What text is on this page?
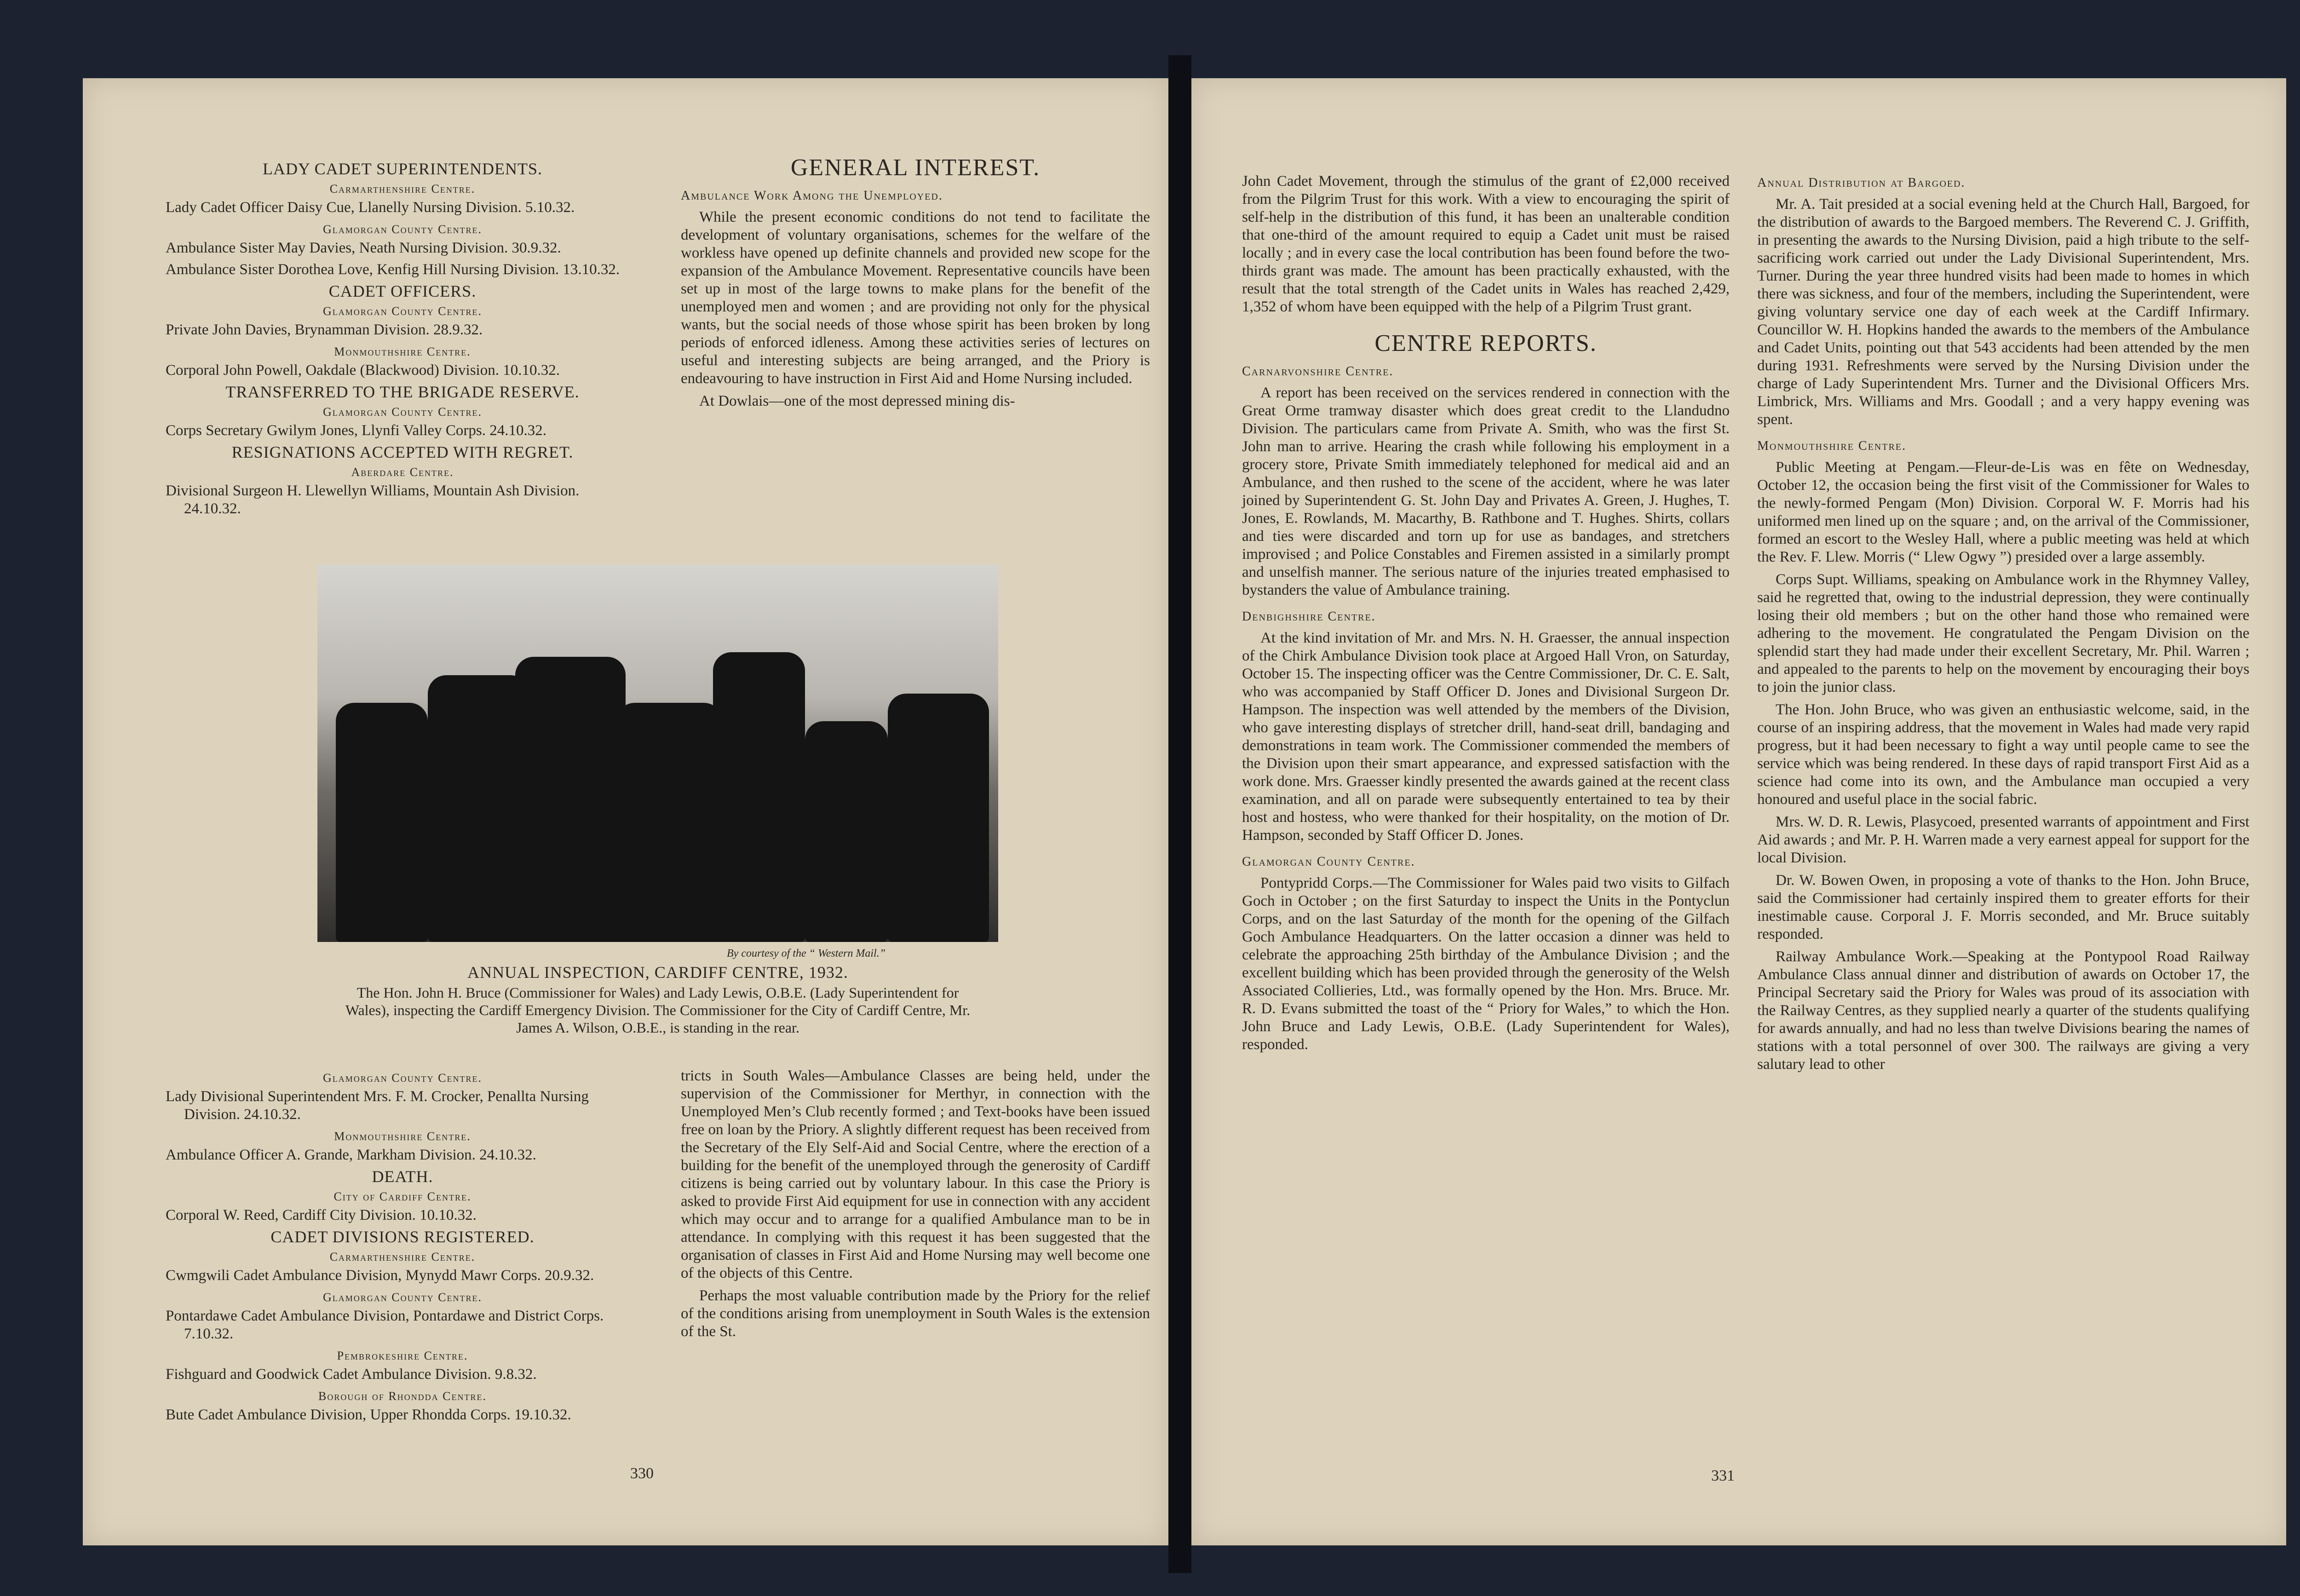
LADY CADET SUPERINTENDENTS.
Carmarthenshire Centre.
Lady Cadet Officer Daisy Cue, Llanelly Nursing Division. 5.10.32.
Glamorgan County Centre.
Ambulance Sister May Davies, Neath Nursing Division. 30.9.32.
Ambulance Sister Dorothea Love, Kenfig Hill Nursing Division. 13.10.32.
CADET OFFICERS.
Glamorgan County Centre.
Private John Davies, Brynamman Division. 28.9.32.
Monmouthshire Centre.
Corporal John Powell, Oakdale (Blackwood) Division. 10.10.32.
TRANSFERRED TO THE BRIGADE RESERVE.
Glamorgan County Centre.
Corps Secretary Gwilym Jones, Llynfi Valley Corps. 24.10.32.
RESIGNATIONS ACCEPTED WITH REGRET.
Aberdare Centre.
Divisional Surgeon H. Llewellyn Williams, Mountain Ash Division. 24.10.32.
GENERAL INTEREST.
Ambulance Work Among the Unemployed.

While the present economic conditions do not tend to facilitate the development of voluntary organisations, schemes for the welfare of the workless have opened up definite channels and provided new scope for the expansion of the Ambulance Movement. Representative councils have been set up in most of the large towns to make plans for the benefit of the unemployed men and women ; and are providing not only for the physical wants, but the social needs of those whose spirit has been broken by long periods of enforced idleness. Among these activities series of lectures on useful and interesting subjects are being arranged, and the Priory is endeavouring to have instruction in First Aid and Home Nursing included.

At Dowlais—one of the most depressed mining dis-

By courtesy of the “ Western Mail.”
ANNUAL INSPECTION, CARDIFF CENTRE, 1932.
The Hon. John H. Bruce (Commissioner for Wales) and Lady Lewis, O.B.E. (Lady Superintendent for Wales), inspecting the Cardiff Emergency Division. The Commissioner for the City of Cardiff Centre, Mr. James A. Wilson, O.B.E., is standing in the rear.
Glamorgan County Centre.
Lady Divisional Superintendent Mrs. F. M. Crocker, Penallta Nursing Division. 24.10.32.
Monmouthshire Centre.
Ambulance Officer A. Grande, Markham Division. 24.10.32.
DEATH.
City of Cardiff Centre.
Corporal W. Reed, Cardiff City Division. 10.10.32.
CADET DIVISIONS REGISTERED.
Carmarthenshire Centre.
Cwmgwili Cadet Ambulance Division, Mynydd Mawr Corps. 20.9.32.
Glamorgan County Centre.
Pontardawe Cadet Ambulance Division, Pontardawe and District Corps. 7.10.32.
Pembrokeshire Centre.
Fishguard and Goodwick Cadet Ambulance Division. 9.8.32.
Borough of Rhondda Centre.
Bute Cadet Ambulance Division, Upper Rhondda Corps. 19.10.32.

tricts in South Wales—Ambulance Classes are being held, under the supervision of the Commissioner for Merthyr, in connection with the Unemployed Men’s Club recently formed ; and Text-books have been issued free on loan by the Priory. A slightly different request has been received from the Secretary of the Ely Self-Aid and Social Centre, where the erection of a building for the benefit of the unemployed through the generosity of Cardiff citizens is being carried out by voluntary labour. In this case the Priory is asked to provide First Aid equipment for use in connection with any accident which may occur and to arrange for a qualified Ambulance man to be in attendance. In complying with this request it has been suggested that the organisation of classes in First Aid and Home Nursing may well become one of the objects of this Centre.

Perhaps the most valuable contribution made by the Priory for the relief of the conditions arising from unemployment in South Wales is the extension of the St.

330

John Cadet Movement, through the stimulus of the grant of £2,000 received from the Pilgrim Trust for this work. With a view to encouraging the spirit of self-help in the distribution of this fund, it has been an unalterable condition that one-third of the amount required to equip a Cadet unit must be raised locally ; and in every case the local contribution has been found before the two-thirds grant was made. The amount has been practically exhausted, with the result that the total strength of the Cadet units in Wales has reached 2,429, 1,352 of whom have been equipped with the help of a Pilgrim Trust grant.

CENTRE REPORTS.
Carnarvonshire Centre.

A report has been received on the services rendered in connection with the Great Orme tramway disaster which does great credit to the Llandudno Division. The particulars came from Private A. Smith, who was the first St. John man to arrive. Hearing the crash while following his employment in a grocery store, Private Smith immediately telephoned for medical aid and an Ambulance, and then rushed to the scene of the accident, where he was later joined by Superintendent G. St. John Day and Privates A. Green, J. Hughes, T. Jones, E. Rowlands, M. Macarthy, B. Rathbone and T. Hughes. Shirts, collars and ties were discarded and torn up for use as bandages, and stretchers improvised ; and Police Constables and Firemen assisted in a similarly prompt and unselfish manner. The serious nature of the injuries treated emphasised to bystanders the value of Ambulance training.

Denbighshire Centre.

At the kind invitation of Mr. and Mrs. N. H. Graesser, the annual inspection of the Chirk Ambulance Division took place at Argoed Hall Vron, on Saturday, October 15. The inspecting officer was the Centre Commissioner, Dr. C. E. Salt, who was accompanied by Staff Officer D. Jones and Divisional Surgeon Dr. Hampson. The inspection was well attended by the members of the Division, who gave interesting displays of stretcher drill, hand-seat drill, bandaging and demonstrations in team work. The Commissioner commended the members of the Division upon their smart appearance, and expressed satisfaction with the work done. Mrs. Graesser kindly presented the awards gained at the recent class examination, and all on parade were subsequently entertained to tea by their host and hostess, who were thanked for their hospitality, on the motion of Dr. Hampson, seconded by Staff Officer D. Jones.

Glamorgan County Centre.

Pontypridd Corps.—The Commissioner for Wales paid two visits to Gilfach Goch in October ; on the first Saturday to inspect the Units in the Pontyclun Corps, and on the last Saturday of the month for the opening of the Gilfach Goch Ambulance Headquarters. On the latter occasion a dinner was held to celebrate the approaching 25th birthday of the Ambulance Division ; and the excellent building which has been provided through the generosity of the Welsh Associated Collieries, Ltd., was formally opened by the Hon. Mrs. Bruce. Mr. R. D. Evans submitted the toast of the “ Priory for Wales,” to which the Hon. John Bruce and Lady Lewis, O.B.E. (Lady Superintendent for Wales), responded.

Annual Distribution at Bargoed.

Mr. A. Tait presided at a social evening held at the Church Hall, Bargoed, for the distribution of awards to the Bargoed members. The Reverend C. J. Griffith, in presenting the awards to the Nursing Division, paid a high tribute to the self-sacrificing work carried out under the Lady Divisional Superintendent, Mrs. Turner. During the year three hundred visits had been made to homes in which there was sickness, and four of the members, including the Superintendent, were giving voluntary service one day of each week at the Cardiff Infirmary. Councillor W. H. Hopkins handed the awards to the members of the Ambulance and Cadet Units, pointing out that 543 accidents had been attended by the men during 1931. Refreshments were served by the Nursing Division under the charge of Lady Superintendent Mrs. Turner and the Divisional Officers Mrs. Limbrick, Mrs. Williams and Mrs. Goodall ; and a very happy evening was spent.

Monmouthshire Centre.

Public Meeting at Pengam.—Fleur-de-Lis was en fête on Wednesday, October 12, the occasion being the first visit of the Commissioner for Wales to the newly-formed Pengam (Mon) Division. Corporal W. F. Morris had his uniformed men lined up on the square ; and, on the arrival of the Commissioner, formed an escort to the Wesley Hall, where a public meeting was held at which the Rev. F. Llew. Morris (“ Llew Ogwy ”) presided over a large assembly.

Corps Supt. Williams, speaking on Ambulance work in the Rhymney Valley, said he regretted that, owing to the industrial depression, they were continually losing their old members ; but on the other hand those who remained were adhering to the movement. He congratulated the Pengam Division on the splendid start they had made under their excellent Secretary, Mr. Phil. Warren ; and appealed to the parents to help on the movement by encouraging their boys to join the junior class.

The Hon. John Bruce, who was given an enthusiastic welcome, said, in the course of an inspiring address, that the movement in Wales had made very rapid progress, but it had been necessary to fight a way until people came to see the service which was being rendered. In these days of rapid transport First Aid as a science had come into its own, and the Ambulance man occupied a very honoured and useful place in the social fabric.

Mrs. W. D. R. Lewis, Plasycoed, presented warrants of appointment and First Aid awards ; and Mr. P. H. Warren made a very earnest appeal for support for the local Division.

Dr. W. Bowen Owen, in proposing a vote of thanks to the Hon. John Bruce, said the Commissioner had certainly inspired them to greater efforts for their inestimable cause. Corporal J. F. Morris seconded, and Mr. Bruce suitably responded.

Railway Ambulance Work.—Speaking at the Pontypool Road Railway Ambulance Class annual dinner and distribution of awards on October 17, the Principal Secretary said the Priory for Wales was proud of its association with the Railway Centres, as they supplied nearly a quarter of the students qualifying for awards annually, and had no less than twelve Divisions bearing the names of stations with a total personnel of over 300. The railways are giving a very salutary lead to other

331
